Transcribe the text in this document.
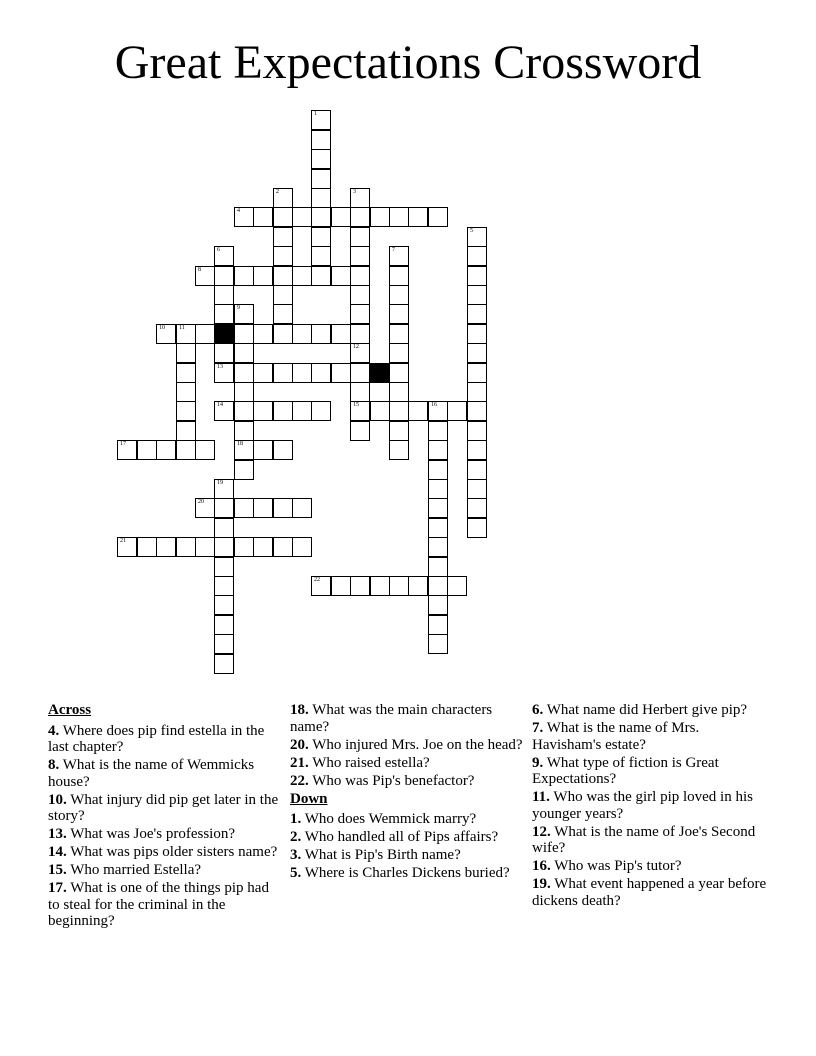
Great Expectations Crossword
1
2	3
4
5
6	7
8
9
18
10 11
12
15
13
14	16
17
19
20
21
22
Across
4. Where does pip find estella in the last chapter?
8. What is the name of Wemmicks house?
10. What injury did pip get later in the story?
13. What was Joe's profession?
14. What was pips older sisters name?
15. Who married Estella?
17. What is one of the things pip had to steal for the criminal in the beginning?
18. What was the main characters name?
20. Who injured Mrs. Joe on the head?
21. Who raised estella?
22. Who was Pip's benefactor?
Down
1. Who does Wemmick marry?
2. Who handled all of Pips affairs?
3. What is Pip's Birth name?
5. Where is Charles Dickens buried?
6. What name did Herbert give pip?
7. What is the name of Mrs. Havisham's estate?
9. What type of fiction is Great Expectations?
11. Who was the girl pip loved in his younger years?
12. What is the name of Joe's Second wife?
16. Who was Pip's tutor?
19. What event happened a year before dickens death?
